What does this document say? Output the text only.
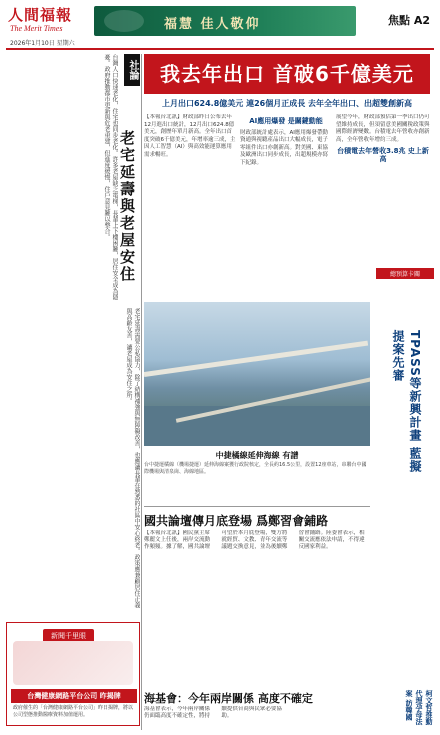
人間福報
The Merit Times
2026年1月10日 星期六
福慧 佳人敬仰	焦點 A2
台灣人口快速老化，住宅也同步老化。許多老屋缺乏電梯，長輩上下樓困難，居住安全成為隱憂。政府推動都市更新與危老重建，但進度緩慢，住戶意見難以整合。	社論
老宅延壽與老屋安住
老宅延壽需要公私協力，除了結構補強與無障礙改善，也應讓長輩在熟悉的社區中安心終老。政策應兼顧居住正義與高齡友善，讓老屋成為安住之所。
新聞千里眼
台灣健康網路平台公司 昨揭牌
政府催生的「台灣健康網路平台公司」昨日揭牌，將以公司型態推動醫療資料加值運用。
我去年出口 首破6千億美元
上月出口624.8億美元 連26個月正成長 去年全年出口、出超雙創新高
【本報台北訊】財政部昨日公布去年12月進出口統計，12月出口624.8億美元，創歷年單月新高。全年出口首度突破6千億美元，年增率逾三成，主因人工智慧（AI）與高效能運算應用需求暢旺。
AI應用爆發 是關鍵動能
財政部統計處表示，AI應用爆發帶動資通與視聽產品出口大幅成長，電子零組件出口亦創新高。對美國、東協及歐洲出口同步成長，出超規模亦寫下紀錄。
展望今年，財政部預估第一季出口仍可望維持成長，但須留意美國關稅政策與國際經濟變數。台積電去年營收亦創新高，全年營收年增約三成。
台積電去年營收3.8兆 史上新高
中捷橘線延伸海線 有譜
台中捷運橘線（機場捷運）延伸海線案獲行政院核定，全長約16.5公里，設置12座車站，串聯台中國際機場與清泉崗、海線地區。
國共論壇傳月底登場 爲鄭習會鋪路
【本報台北訊】國民黨主席鄭麗文上任後，兩岸交流動作頻頻。據了解，國共論壇可望於本月底登場，雙方將就經貿、文教、青年交流等議題交換意見，並為後續鄭習會鋪路。陸委會表示，相關交流應依法申請，不得違反國家利益。
海基會：今年兩岸關係 高度不確定
海基會表示，今年兩岸關係仍面臨高度不確定性，將持續提供台商與民眾必要協助。
總預算卡關
TPASS等新興計畫 藍擬提案先審
柯文哲推動代理孕母法案 訪韓國
